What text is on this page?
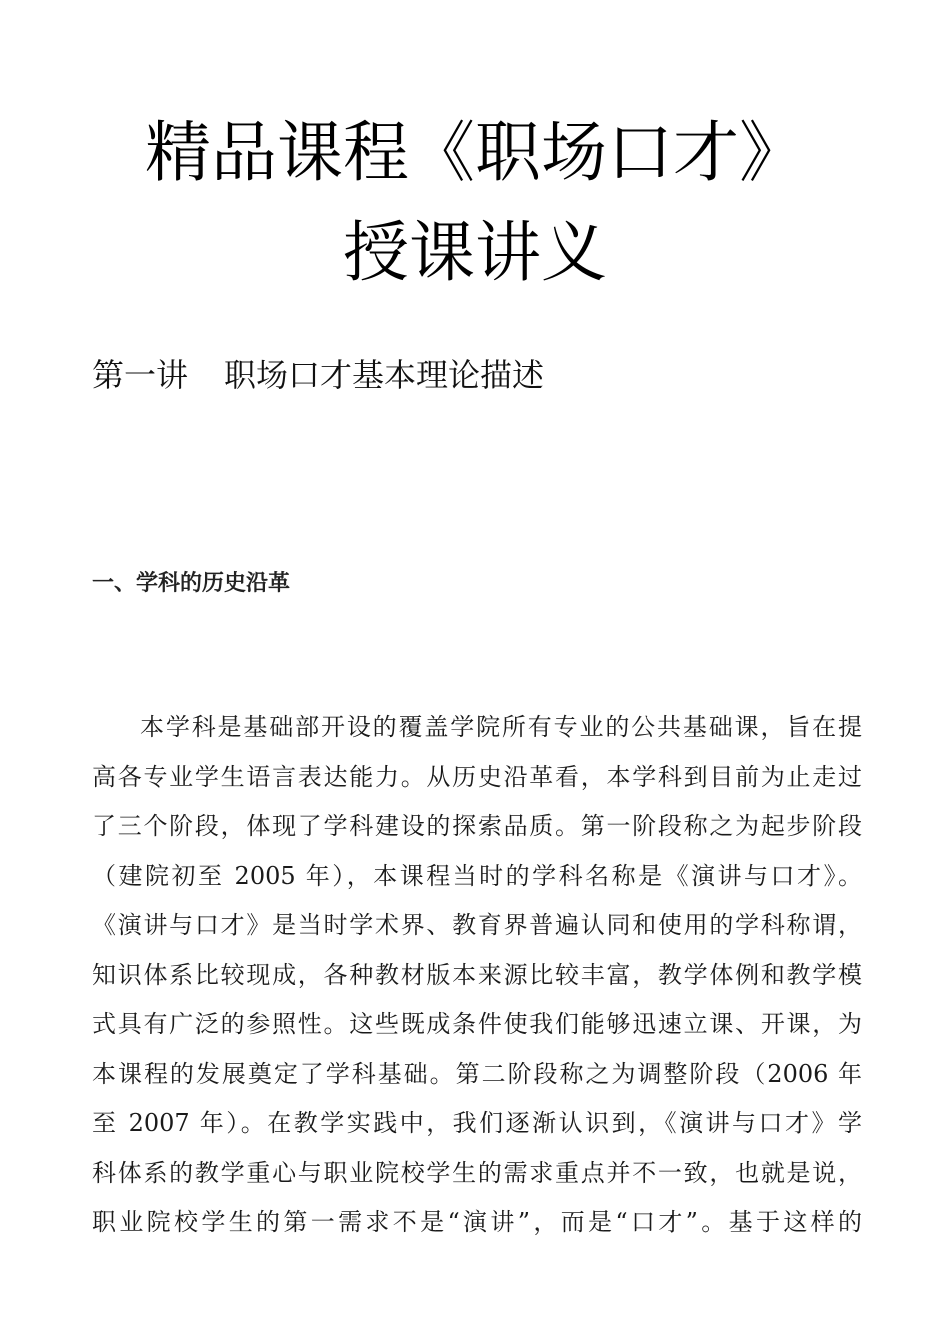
精品课程《职场口才》
授课讲义
第一讲 职场口才基本理论描述
一、学科的历史沿革
本学科是基础部开设的覆盖学院所有专业的公共基础课，旨在提
高各专业学生语言表达能力。从历史沿革看，本学科到目前为止走过
了三个阶段，体现了学科建设的探索品质。第一阶段称之为起步阶段
（建院初至 2005 年），本课程当时的学科名称是《演讲与口才》。
《演讲与口才》是当时学术界、教育界普遍认同和使用的学科称谓，
知识体系比较现成，各种教材版本来源比较丰富，教学体例和教学模
式具有广泛的参照性。这些既成条件使我们能够迅速立课、开课，为
本课程的发展奠定了学科基础。第二阶段称之为调整阶段（2006 年
至 2007 年）。在教学实践中，我们逐渐认识到，《演讲与口才》学
科体系的教学重心与职业院校学生的需求重点并不一致，也就是说，
职业院校学生的第一需求不是“演讲”，而是“口才”。基于这样的
